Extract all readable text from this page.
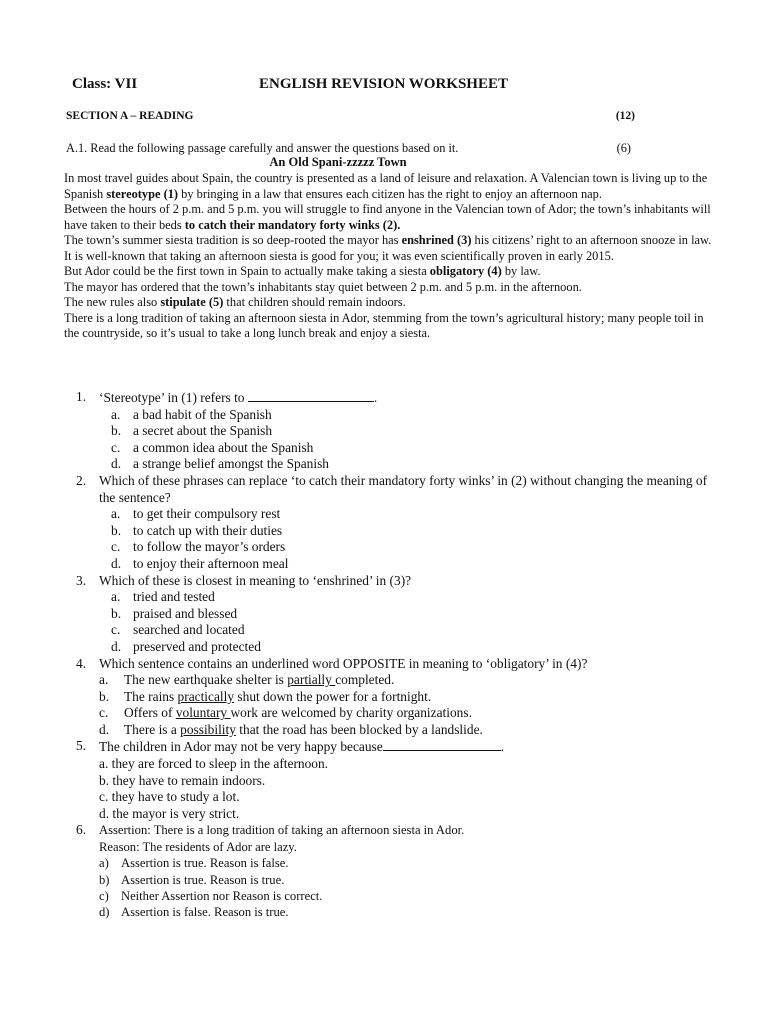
Class: VII	ENGLISH REVISION WORKSHEET
SECTION A – READING	(12)
A.1. Read the following passage carefully and answer the questions based on it.	(6)
An Old Spani-zzzzz Town

In most travel guides about Spain, the country is presented as a land of leisure and relaxation. A Valencian town is living up to the Spanish stereotype (1) by bringing in a law that ensures each citizen has the right to enjoy an afternoon nap.

Between the hours of 2 p.m. and 5 p.m. you will struggle to find anyone in the Valencian town of Ador; the town’s inhabitants will have taken to their beds to catch their mandatory forty winks (2).

The town’s summer siesta tradition is so deep-rooted the mayor has enshrined (3) his citizens’ right to an afternoon snooze in law.

It is well-known that taking an afternoon siesta is good for you; it was even scientifically proven in early 2015.

But Ador could be the first town in Spain to actually make taking a siesta obligatory (4) by law.

The mayor has ordered that the town’s inhabitants stay quiet between 2 p.m. and 5 p.m. in the afternoon.

The new rules also stipulate (5) that children should remain indoors.

There is a long tradition of taking an afternoon siesta in Ador, stemming from the town’s agricultural history; many people toil in the countryside, so it’s usual to take a long lunch break and enjoy a siesta.

1. ‘Stereotype’ in (1) refers to	.
a. a bad habit of the Spanish
b. a secret about the Spanish
c. a common idea about the Spanish
d. a strange belief amongst the Spanish
2. Which of these phrases can replace ‘to catch their mandatory forty winks’ in (2) without changing the meaning of the sentence?
a. to get their compulsory rest
b. to catch up with their duties
c. to follow the mayor’s orders
d. to enjoy their afternoon meal
3. Which of these is closest in meaning to ‘enshrined’ in (3)?
a. tried and tested
b. praised and blessed
c. searched and located
d. preserved and protected
4. Which sentence contains an underlined word OPPOSITE in meaning to ‘obligatory’ in (4)?
a. The new earthquake shelter is partially completed.
b. The rains practically shut down the power for a fortnight.
c. Offers of voluntary work are welcomed by charity organizations.
d. There is a possibility that the road has been blocked by a landslide.
5. The children in Ador may not be very happy because	.
a. they are forced to sleep in the afternoon.
b. they have to remain indoors.
c. they have to study a lot.
d. the mayor is very strict.
6. Assertion: There is a long tradition of taking an afternoon siesta in Ador.
Reason: The residents of Ador are lazy.
a) Assertion is true. Reason is false.
b) Assertion is true. Reason is true.
c) Neither Assertion nor Reason is correct.
d) Assertion is false. Reason is true.
